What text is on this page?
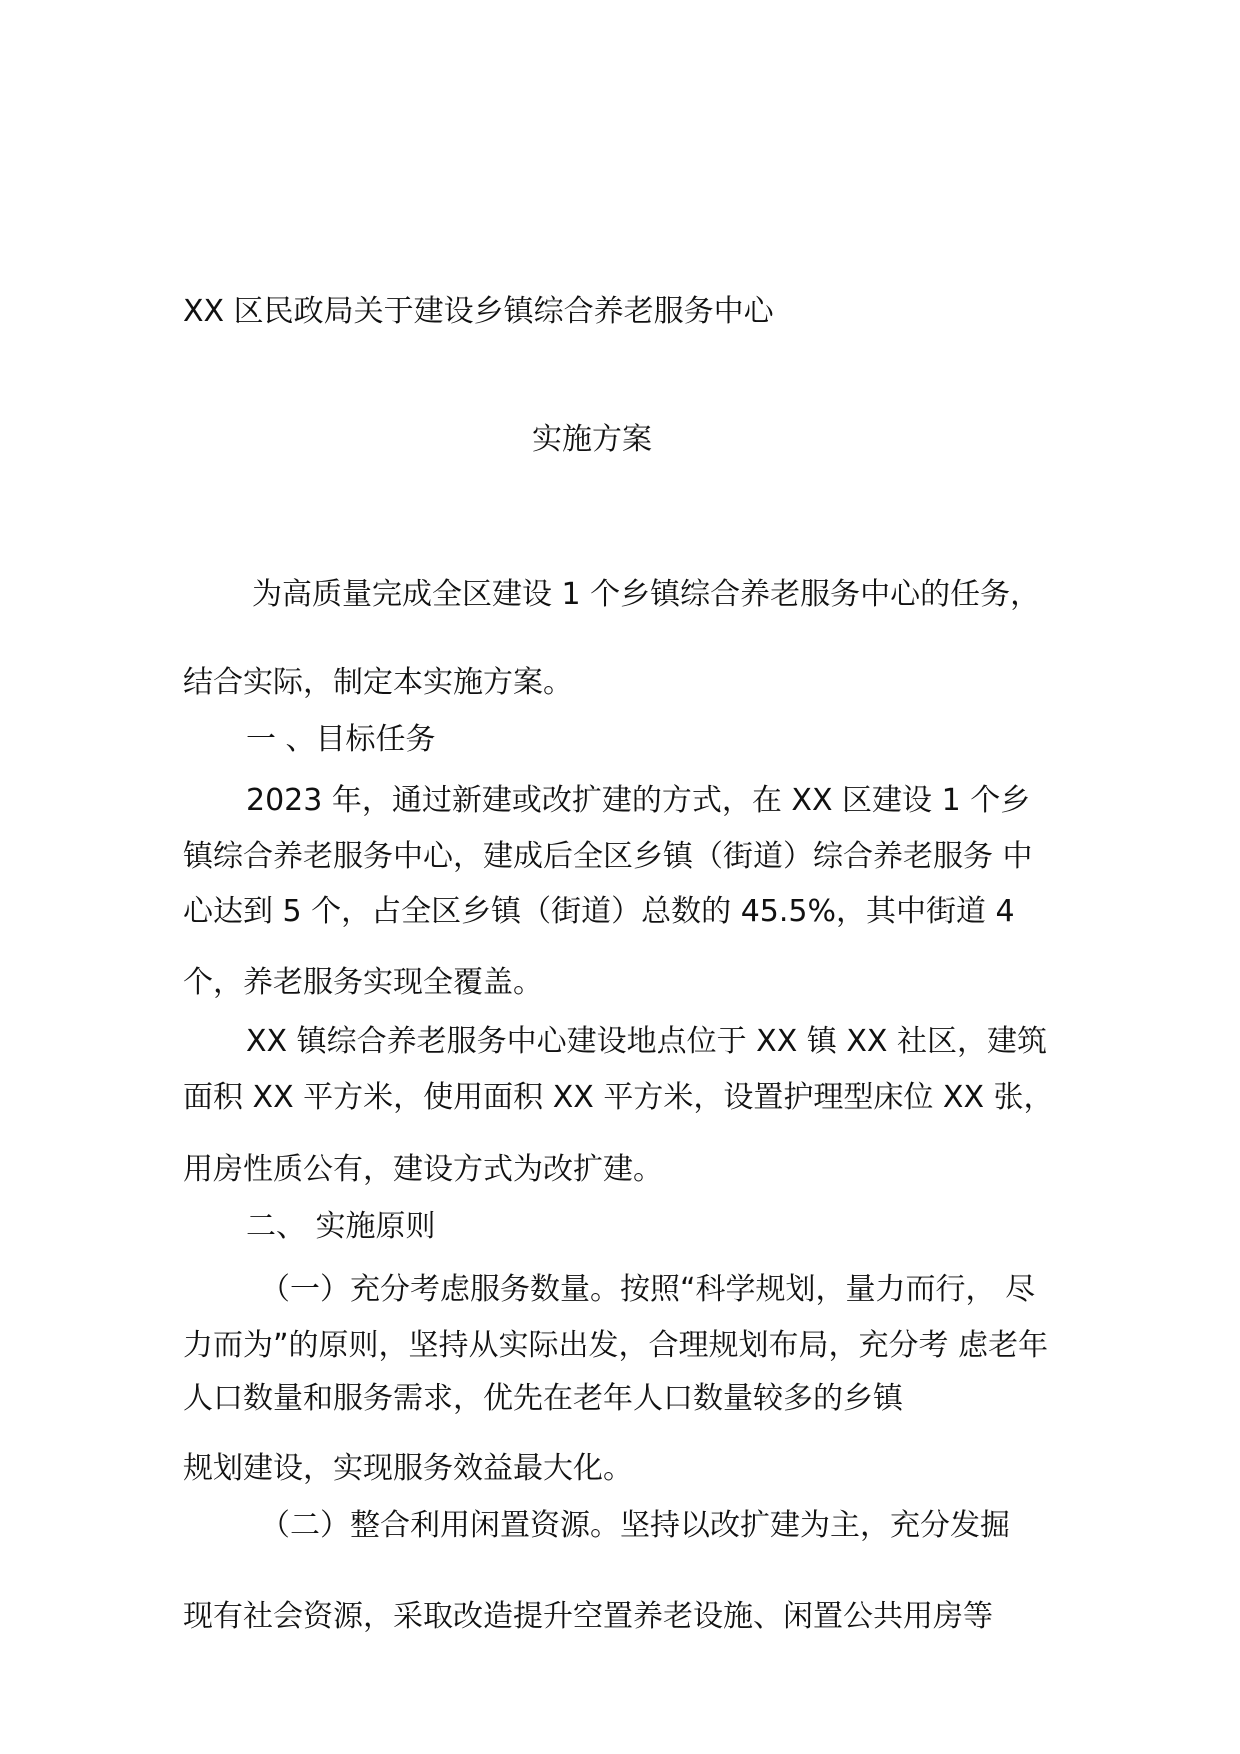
XX 区民政局关于建设乡镇综合养老服务中心
实施方案
为高质量完成全区建设 1 个乡镇综合养老服务中心的任务，
结合实际，制定本实施方案。
一 、目标任务
2023 年，通过新建或改扩建的方式，在 XX 区建设 1 个乡
镇综合养老服务中心，建成后全区乡镇（街道）综合养老服务 中
心达到 5 个，占全区乡镇（街道）总数的 45.5%，其中街道 4
个，养老服务实现全覆盖。
XX 镇综合养老服务中心建设地点位于 XX 镇 XX 社区，建筑
面积 XX 平方米，使用面积 XX 平方米，设置护理型床位 XX 张，
用房性质公有，建设方式为改扩建。
二、 实施原则
（一）充分考虑服务数量。按照“科学规划，量力而行， 尽
力而为”的原则，坚持从实际出发，合理规划布局，充分考 虑老年
人口数量和服务需求，优先在老年人口数量较多的乡镇
规划建设，实现服务效益最大化。
（二）整合利用闲置资源。坚持以改扩建为主，充分发掘
现有社会资源，采取改造提升空置养老设施、闲置公共用房等
